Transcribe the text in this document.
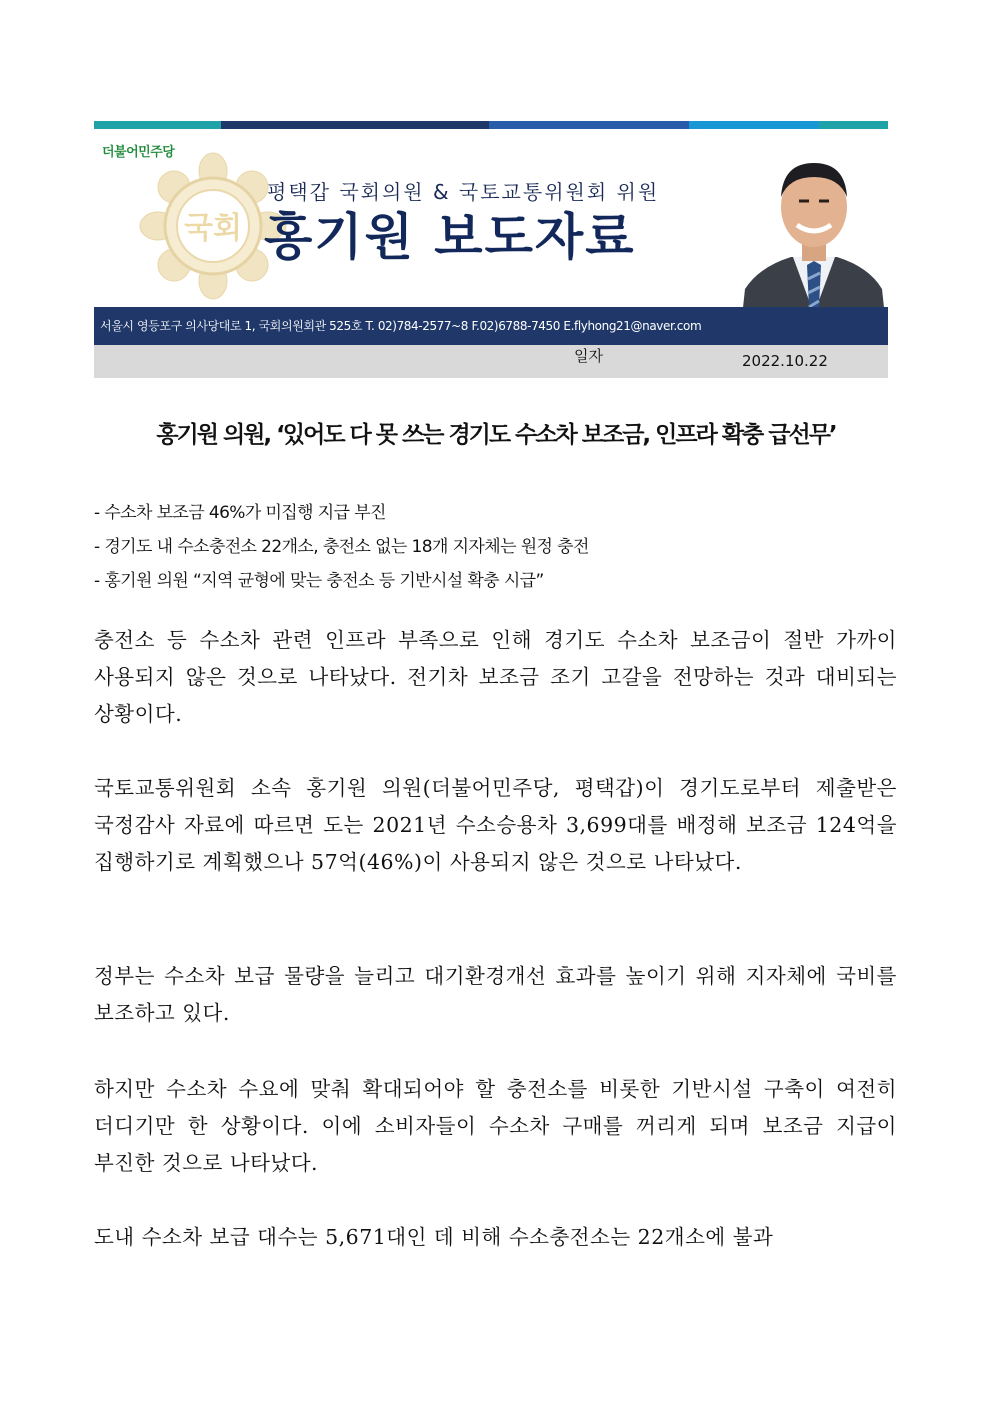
더불어민주당
국회
평택갑 국회의원 & 국토교통위원회 위원
홍기원 보도자료
서울시 영등포구 의사당대로 1, 국회의원회관 525호 T. 02)784-2577~8 F.02)6788-7450 E.flyhong21@naver.com
일자	2022.10.22
홍기원 의원, ‘있어도 다 못 쓰는 경기도 수소차 보조금, 인프라 확충 급선무’
- 수소차 보조금 46%가 미집행 지급 부진
- 경기도 내 수소충전소 22개소, 충전소 없는 18개 지자체는 원정 충전
- 홍기원 의원 “지역 균형에 맞는 충전소 등 기반시설 확충 시급”
충전소 등 수소차 관련 인프라 부족으로 인해 경기도 수소차 보조금이 절반 가까이 사용되지 않은 것으로 나타났다. 전기차 보조금 조기 고갈을 전망하는 것과 대비되는 상황이다.
국토교통위원회 소속 홍기원 의원(더불어민주당, 평택갑)이 경기도로부터 제출받은 국정감사 자료에 따르면 도는 2021년 수소승용차 3,699대를 배정해 보조금 124억을 집행하기로 계획했으나 57억(46%)이 사용되지 않은 것으로 나타났다.
정부는 수소차 보급 물량을 늘리고 대기환경개선 효과를 높이기 위해 지자체에 국비를 보조하고 있다.
하지만 수소차 수요에 맞춰 확대되어야 할 충전소를 비롯한 기반시설 구축이 여전히 더디기만 한 상황이다. 이에 소비자들이 수소차 구매를 꺼리게 되며 보조금 지급이 부진한 것으로 나타났다.
도내 수소차 보급 대수는 5,671대인 데 비해 수소충전소는 22개소에 불과
